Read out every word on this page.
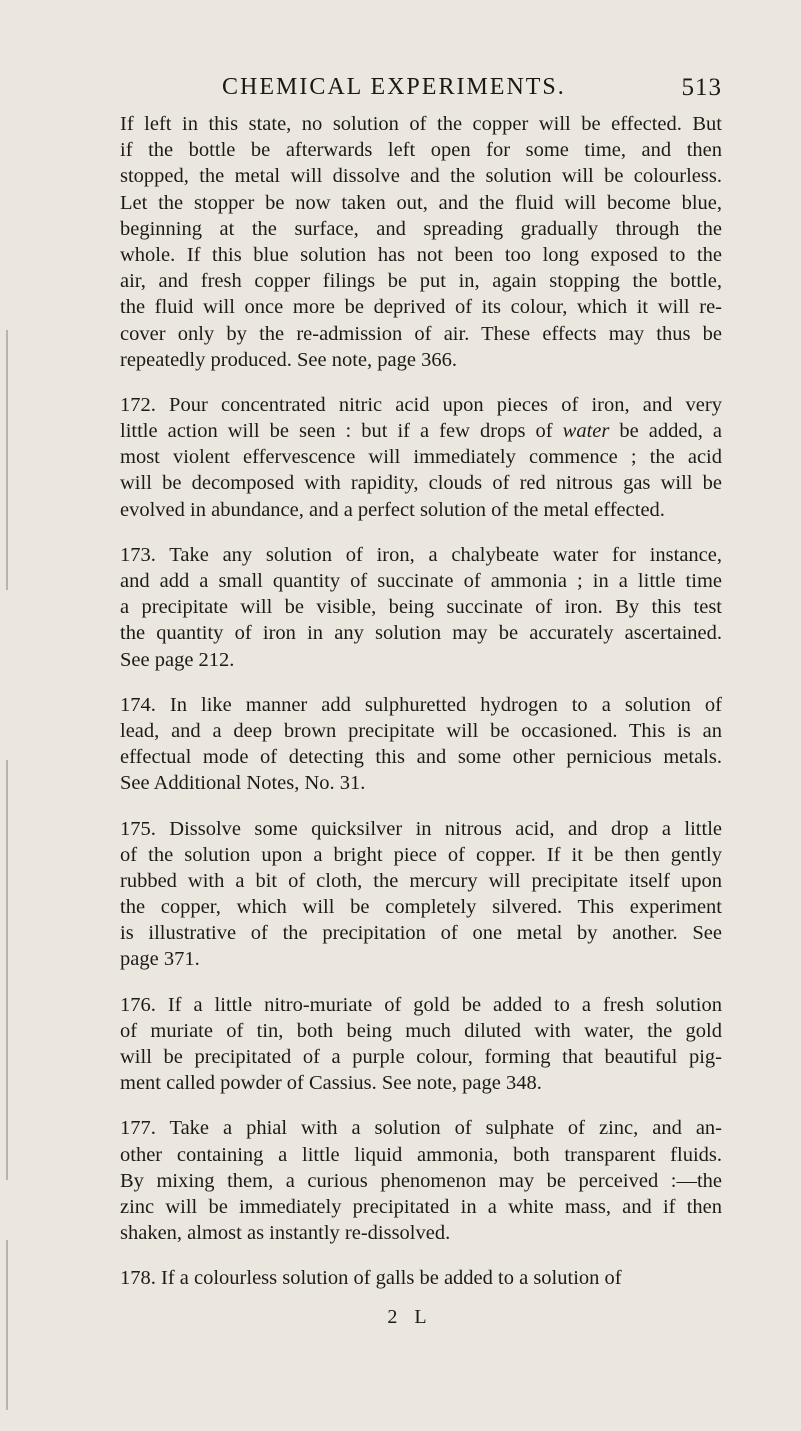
CHEMICAL EXPERIMENTS.	513
If left in this state, no solution of the copper will be effected. But
if the bottle be afterwards left open for some time, and then
stopped, the metal will dissolve and the solution will be colourless.
Let the stopper be now taken out, and the fluid will become blue,
beginning at the surface, and spreading gradually through the
whole. If this blue solution has not been too long exposed to the
air, and fresh copper filings be put in, again stopping the bottle,
the fluid will once more be deprived of its colour, which it will re-
cover only by the re-admission of air. These effects may thus be
repeatedly produced. See note, page 366.
172. Pour concentrated nitric acid upon pieces of iron, and very
little action will be seen : but if a few drops of water be added, a
most violent effervescence will immediately commence ; the acid
will be decomposed with rapidity, clouds of red nitrous gas will be
evolved in abundance, and a perfect solution of the metal effected.
173. Take any solution of iron, a chalybeate water for instance,
and add a small quantity of succinate of ammonia ; in a little time
a precipitate will be visible, being succinate of iron. By this test
the quantity of iron in any solution may be accurately ascertained.
See page 212.
174. In like manner add sulphuretted hydrogen to a solution of
lead, and a deep brown precipitate will be occasioned. This is an
effectual mode of detecting this and some other pernicious metals.
See Additional Notes, No. 31.
175. Dissolve some quicksilver in nitrous acid, and drop a little
of the solution upon a bright piece of copper. If it be then gently
rubbed with a bit of cloth, the mercury will precipitate itself upon
the copper, which will be completely silvered. This experiment
is illustrative of the precipitation of one metal by another. See
page 371.
176. If a little nitro-muriate of gold be added to a fresh solution
of muriate of tin, both being much diluted with water, the gold
will be precipitated of a purple colour, forming that beautiful pig-
ment called powder of Cassius. See note, page 348.
177. Take a phial with a solution of sulphate of zinc, and an-
other containing a little liquid ammonia, both transparent fluids.
By mixing them, a curious phenomenon may be perceived :—the
zinc will be immediately precipitated in a white mass, and if then
shaken, almost as instantly re-dissolved.
178. If a colourless solution of galls be added to a solution of
2 L
